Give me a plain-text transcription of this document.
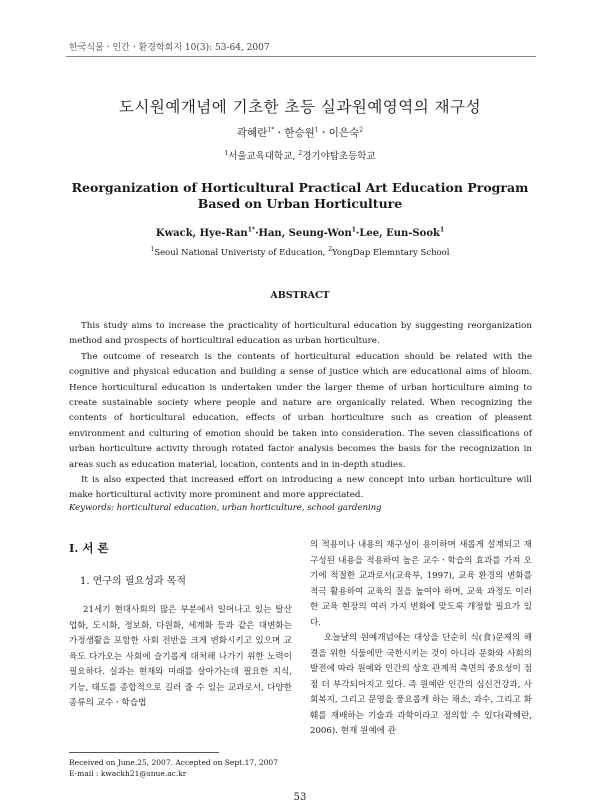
한국식물ㆍ인간ㆍ환경학회지 10(3): 53-64, 2007
도시원예개념에 기초한 초등 실과원예영역의 재구성
곽혜란$^{1*}$ㆍ한승원$^1$ㆍ이은숙$^2$
$^1$서울교육대학교, $^2$경기야탑초등학교
Reorganization of Horticultural Practical Art Education Program Based on Urban Horticulture
Kwack, Hye-Ran$^{1*}$·Han, Seung-Won$^1$·Lee, Eun-Sook$^1$
$^1$Seoul National Univeristy of Education, $^2$YongDap Elemntary School
ABSTRACT

This study aims to increase the practicality of horticultural education by suggesting reorganization method and prospects of horticultiral education as urban horticulture.

The outcome of research is the contents of horticultural education should be related with the cognitive and physical education and building a sense of justice which are educational aims of bloom. Hence horticultural education is undertaken under the larger theme of urban horticulture aiming to create sustainable society where people and nature are organically related. When recognizing the contents of horticultural education, effects of urban horticulture such as creation of pleasent environment and culturing of emotion should be taken into consideration. The seven classifications of urban horticulture activity through rotated factor analysis becomes the basis for the recognization in areas such as education material, location, contents and in in-depth studies.

It is also expected that increased effort on introducing a new concept into urban horticulture will make horticultural activity more prominent and more appreciated.

Keywords: horticultural education, urban horticulture, school gardening
I. 서 론
1. 연구의 필요성과 목적

21세기 현대사회의 많은 부분에서 일어나고 있는 탈산업화, 도시화, 정보화, 다원화, 세계화 등과 같은 대변화는 가정생활을 포함한 사회 전반을 크게 변화시키고 있으며 교육도 다가오는 사회에 슬기롭게 대처해 나가기 위한 노력이 필요하다. 실과는 현재와 미래를 살아가는데 필요한 지식, 기능, 태도를 종합적으로 길러 줄 수 있는 교과로서, 다양한 종류의 교수ㆍ학습법

의 적용이나 내용의 재구성이 용이하며 새롭게 설계되고 재구성된 내용을 적용하여 높은 교수ㆍ학습의 효과를 가져 오기에 적절한 교과로서(교육부, 1997), 교육 환경의 변화를 적극 활용하여 교육의 질을 높여야 하며, 교육 과정도 이러한 교육 현장의 여러 가지 변화에 맞도록 개정할 필요가 있다.

오늘날의 원예개념에는 대상을 단순히 식(食)문제의 해결을 위한 식물에만 국한시키는 것이 아니라 문화와 사회의 발전에 따라 원예와 인간의 상호 관계적 측면의 중요성이 점점 더 부각되어지고 있다. 즉 원예란 인간의 심신건강과, 사회복지, 그리고 문명을 풍요롭게 하는 채소, 과수, 그리고 화훼를 재배하는 기술과 과학이라고 정의할 수 있다(곽혜란, 2006). 현재 원예에 관

Received on June.25, 2007. Accepted on Sept.17, 2007
E-mail : kwackh21@snue.ac.kr
53
